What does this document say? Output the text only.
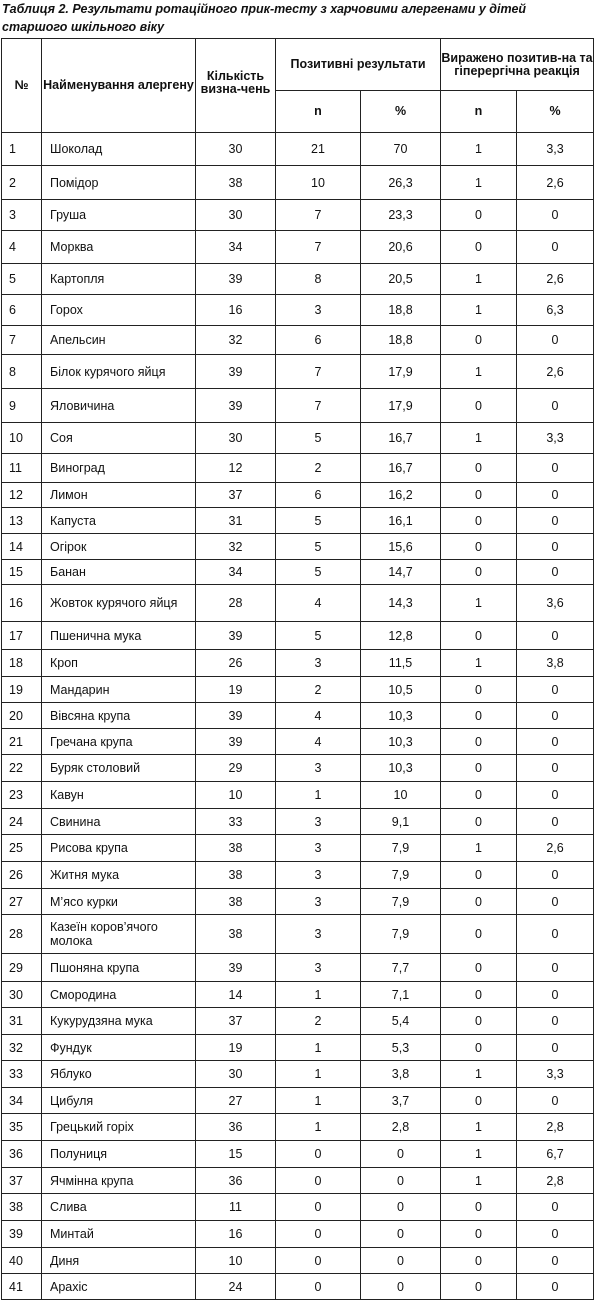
Таблиця 2. Результати ротаційного прик-тесту з харчовими алергенами у дітей старшого шкільного віку
№	Найменування алергену	Кількість визна-чень	Позитивні результати		Виражено позитив-на та гіперергічна реакція	
			n	%	n	%
1	Шоколад	30	21	70	1	3,3
2	Помідор	38	10	26,3	1	2,6
3	Груша	30	7	23,3	0	0
4	Морква	34	7	20,6	0	0
5	Картопля	39	8	20,5	1	2,6
6	Горох	16	3	18,8	1	6,3
7	Апельсин	32	6	18,8	0	0
8	Білок курячого яйця	39	7	17,9	1	2,6
9	Яловичина	39	7	17,9	0	0
10	Соя	30	5	16,7	1	3,3
11	Виноград	12	2	16,7	0	0
12	Лимон	37	6	16,2	0	0
13	Капуста	31	5	16,1	0	0
14	Огірок	32	5	15,6	0	0
15	Банан	34	5	14,7	0	0
16	Жовток курячого яйця	28	4	14,3	1	3,6
17	Пшенична мука	39	5	12,8	0	0
18	Кроп	26	3	11,5	1	3,8
19	Мандарин	19	2	10,5	0	0
20	Вівсяна крупа	39	4	10,3	0	0
21	Гречана крупа	39	4	10,3	0	0
22	Буряк столовий	29	3	10,3	0	0
23	Кавун	10	1	10	0	0
24	Свинина	33	3	9,1	0	0
25	Рисова крупа	38	3	7,9	1	2,6
26	Житня мука	38	3	7,9	0	0
27	М’ясо курки	38	3	7,9	0	0
28	Казеїн коров’ячого молока	38	3	7,9	0	0
29	Пшоняна крупа	39	3	7,7	0	0
30	Смородина	14	1	7,1	0	0
31	Кукурудзяна мука	37	2	5,4	0	0
32	Фундук	19	1	5,3	0	0
33	Яблуко	30	1	3,8	1	3,3
34	Цибуля	27	1	3,7	0	0
35	Грецький горіх	36	1	2,8	1	2,8
36	Полуниця	15	0	0	1	6,7
37	Ячмінна крупа	36	0	0	1	2,8
38	Слива	11	0	0	0	0
39	Минтай	16	0	0	0	0
40	Диня	10	0	0	0	0
41	Арахіс	24	0	0	0	0
